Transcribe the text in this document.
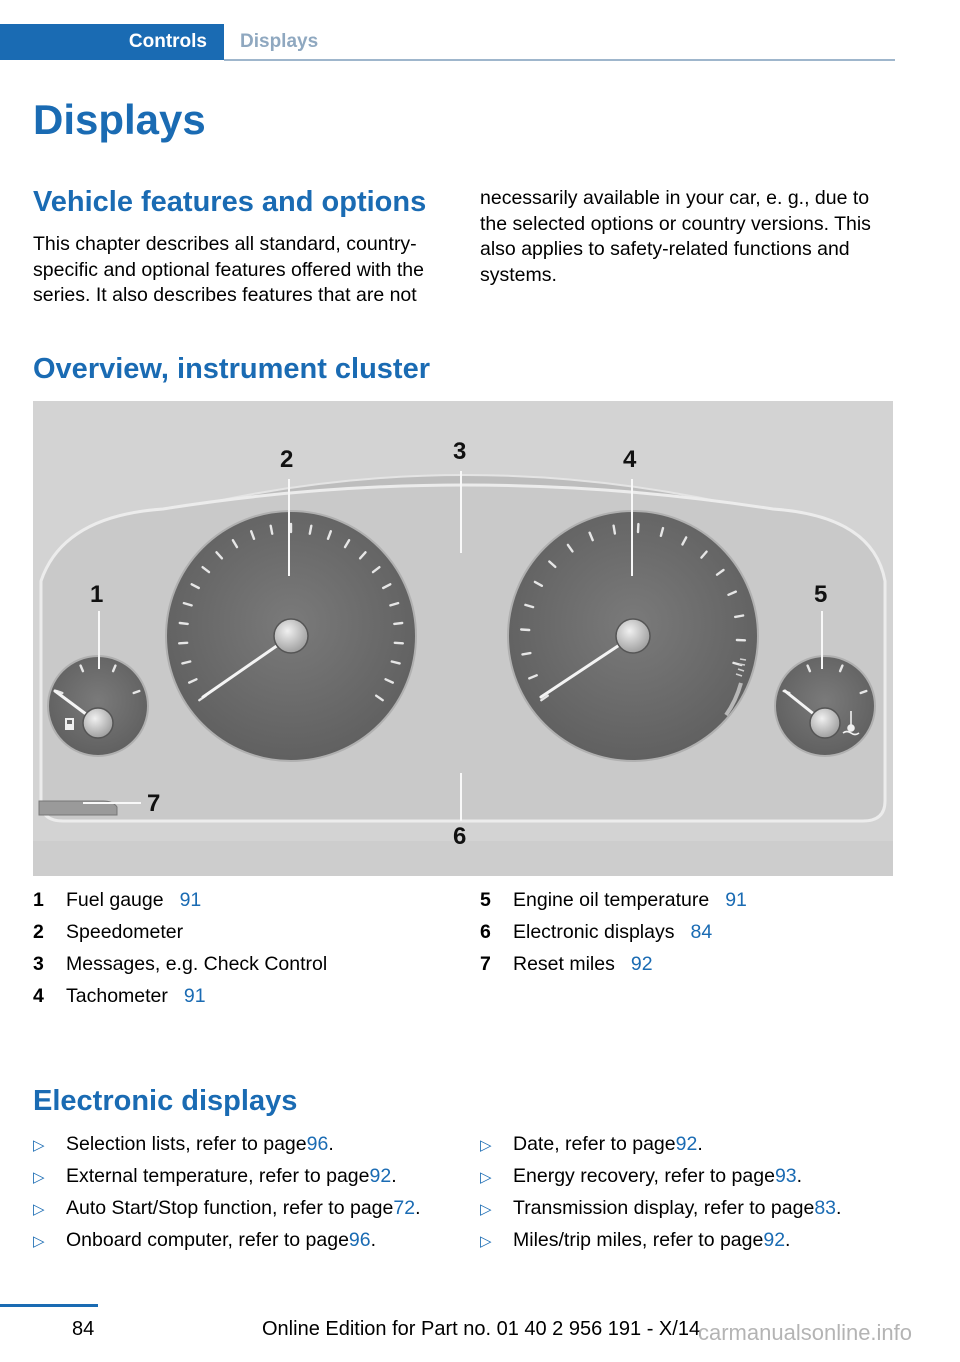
Controls	Displays
Displays
Vehicle features and options
This chapter describes all standard, country-
specific and optional features offered with the
series. It also describes features that are not
necessarily available in your car, e. g., due to
the selected options or country versions. This
also applies to safety-related functions and
systems.
Overview, instrument cluster
1
2	3	4
5
6
7
1	Fuel gauge 91
2	Speedometer
3	Messages, e.g. Check Control
4	Tachometer 91
5	Engine oil temperature 91
6	Electronic displays 84
7	Reset miles 92
Electronic displays
▷	Selection lists, refer to page 96 .
▷	External temperature, refer to page 92 .
▷	Auto Start/Stop function, refer to page 72 .
▷	Onboard computer, refer to page 96 .
▷	Date, refer to page 92 .
▷	Energy recovery, refer to page 93 .
▷	Transmission display, refer to page 83 .
▷	Miles/trip miles, refer to page 92 .
84	Online Edition for Part no. 01 40 2 956 191 - X/14
carmanualsonline.info
